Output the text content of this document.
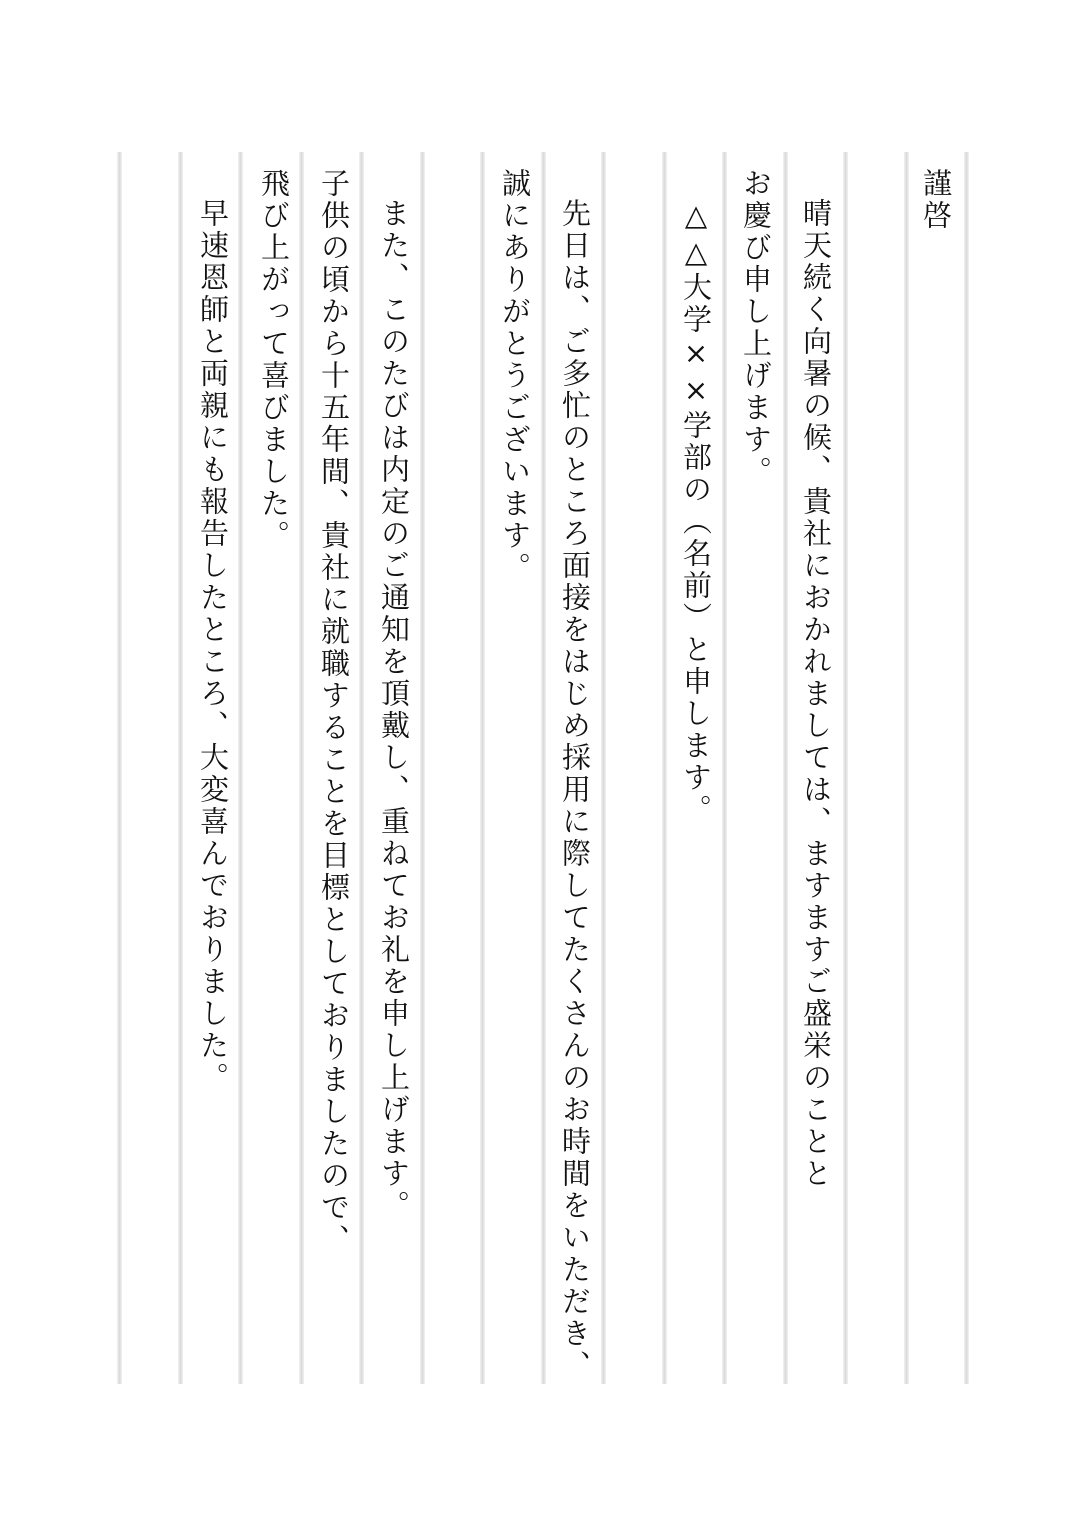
謹啓
晴天続く向暑の候、貴社におかれましては、ますますご盛栄のことと
お慶び申し上げます。
△△大学××学部の（名前）と申します。
先日は、ご多忙のところ面接をはじめ採用に際してたくさんのお時間をいただき、
誠にありがとうございます。
また、このたびは内定のご通知を頂戴し、重ねてお礼を申し上げます。
子供の頃から十五年間、貴社に就職することを目標としておりましたので、
飛び上がって喜びました。
早速恩師と両親にも報告したところ、大変喜んでおりました。
